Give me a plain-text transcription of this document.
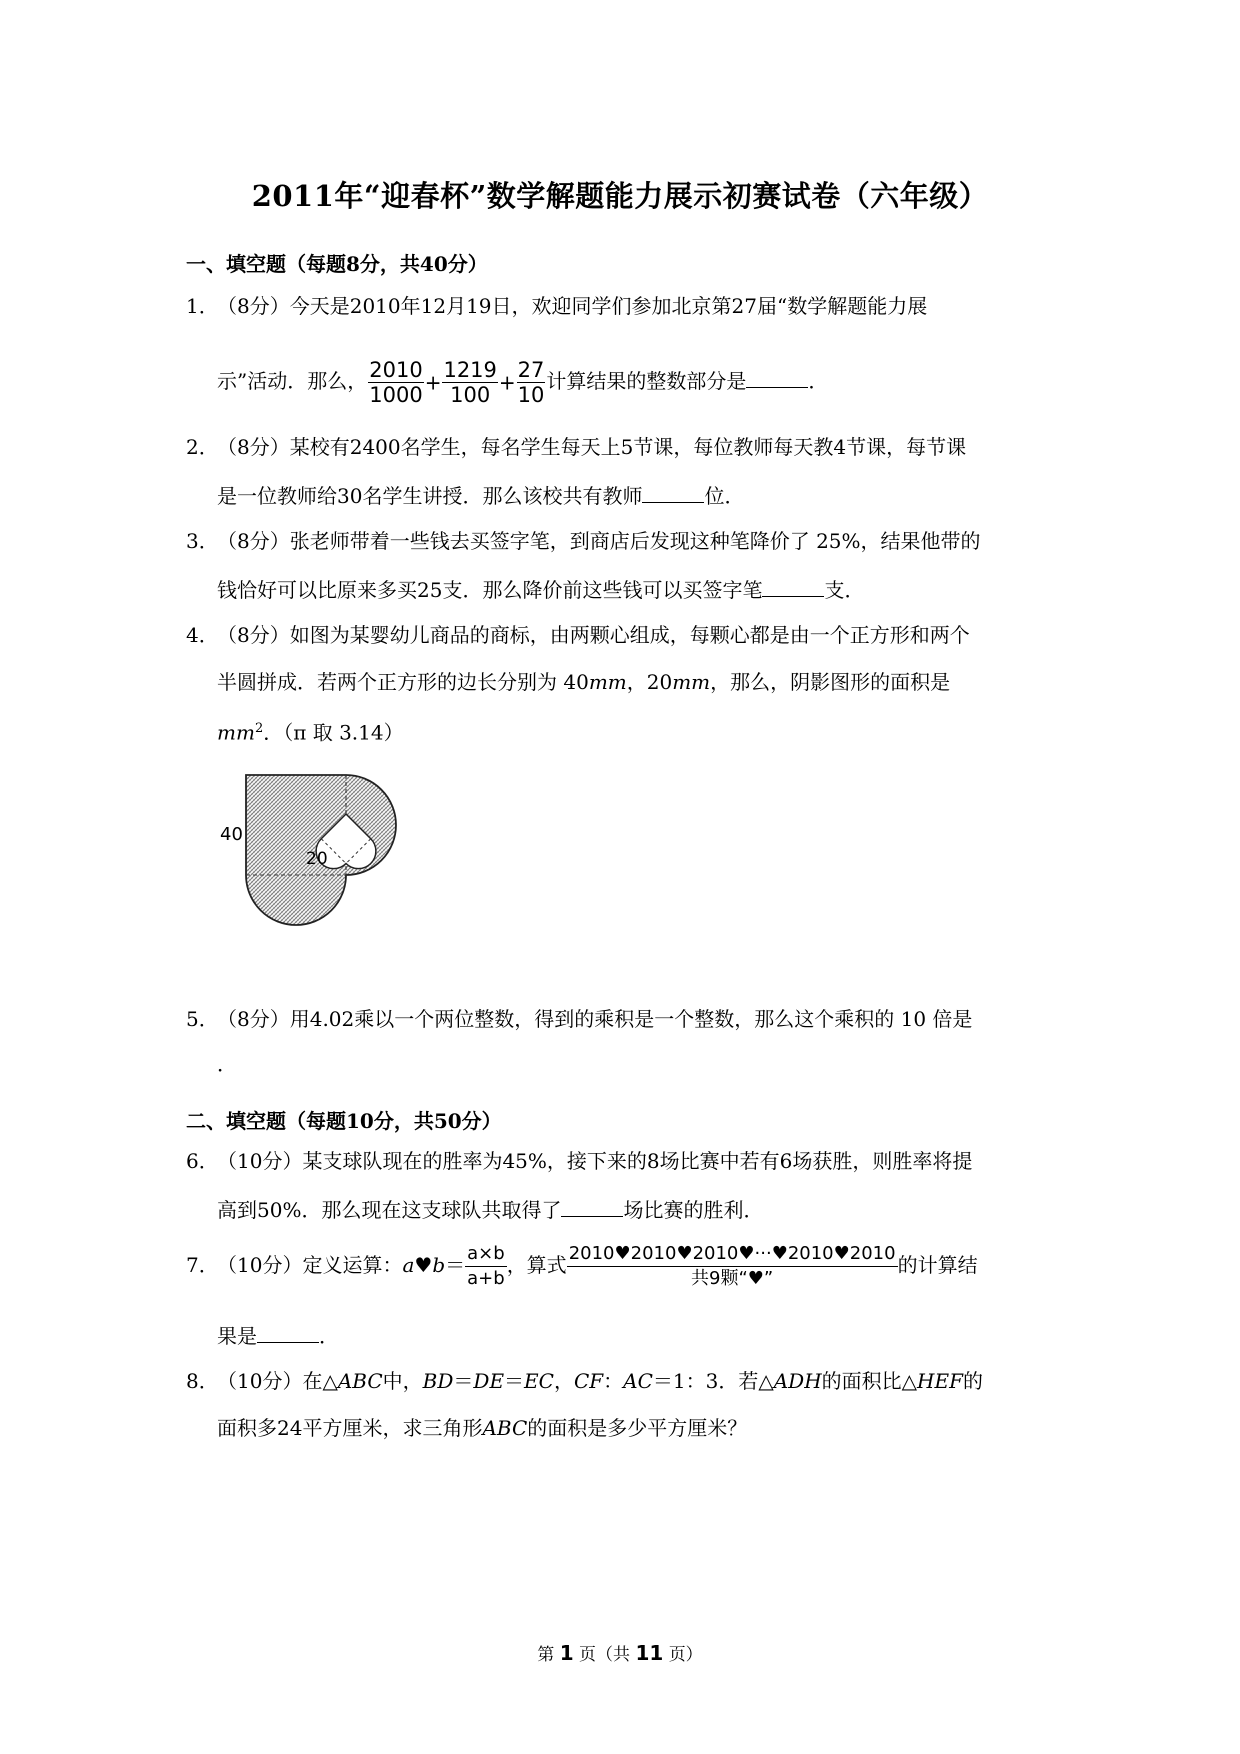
2011年“迎春杯”数学解题能力展示初赛试卷（六年级）
一、填空题（每题8分，共40分）
1．（8分）今天是2010年12月19日，欢迎同学们参加北京第27届“数学解题能力展
示”活动．那么， $\frac{2010}{1000} + \frac{1219}{100} + \frac{27}{10}$ 计算结果的整数部分是	．
2．（8分）某校有2400名学生，每名学生每天上5节课，每位教师每天教4节课，每节课
是一位教师给30名学生讲授．那么该校共有教师	位．
3．（8分）张老师带着一些钱去买签字笔，到商店后发现这种笔降价了 25%，结果他带的
钱恰好可以比原来多买25支．那么降价前这些钱可以买签字笔	支．
4．（8分）如图为某婴幼儿商品的商标，由两颗心组成，每颗心都是由一个正方形和两个
半圆拼成．若两个正方形的边长分别为 40mm，20mm，那么，阴影图形的面积是
$mm^2$．（π 取 3.14）
40
20
5．（8分）用4.02乘以一个两位整数，得到的乘积是一个整数，那么这个乘积的 10 倍是
．
二、填空题（每题10分，共50分）
6．（10分）某支球队现在的胜率为45%，接下来的8场比赛中若有6场获胜，则胜率将提
高到50%．那么现在这支球队共取得了	场比赛的胜利．
7．（10分）定义运算：a♥b＝ $\frac{a\times b}{a+b}$ ，算式 $\frac{2010♥2010♥2010♥\cdot\cdot\cdot♥2010♥2010}{\text{共9颗“♥”}}$ 的计算结
果是	．
8．（10分）在△ABC中，BD＝DE＝EC，CF：AC＝1：3．若△ADH的面积比△HEF的
面积多24平方厘米，求三角形ABC的面积是多少平方厘米？
第 1 页（共 11 页）
